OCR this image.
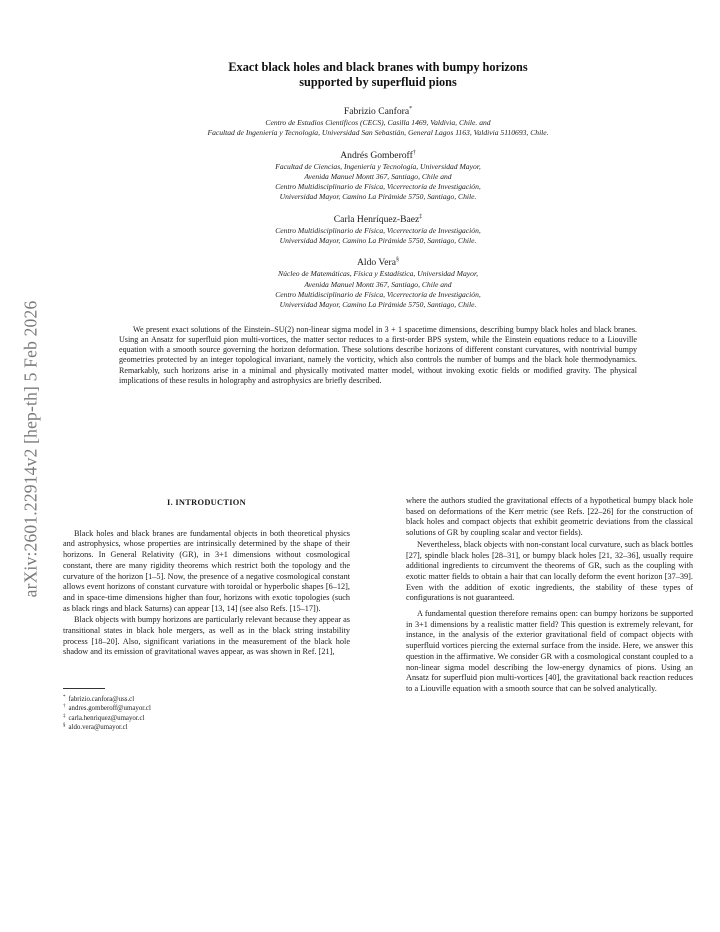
arXiv:2601.22914v2 [hep-th] 5 Feb 2026
Exact black holes and black branes with bumpy horizons
supported by superfluid pions
Fabrizio Canfora*
Centro de Estudios Científicos (CECS), Casilla 1469, Valdivia, Chile. and
Facultad de Ingeniería y Tecnología, Universidad San Sebastián, General Lagos 1163, Valdivia 5110693, Chile.
Andrés Gomberoff†
Facultad de Ciencias, Ingeniería y Tecnología, Universidad Mayor,
Avenida Manuel Montt 367, Santiago, Chile and
Centro Multidisciplinario de Física, Vicerrectoría de Investigación,
Universidad Mayor, Camino La Pirámide 5750, Santiago, Chile.
Carla Henríquez-Baez‡
Centro Multidisciplinario de Física, Vicerrectoría de Investigación,
Universidad Mayor, Camino La Pirámide 5750, Santiago, Chile.
Aldo Vera§
Núcleo de Matemáticas, Física y Estadística, Universidad Mayor,
Avenida Manuel Montt 367, Santiago, Chile and
Centro Multidisciplinario de Física, Vicerrectoría de Investigación,
Universidad Mayor, Camino La Pirámide 5750, Santiago, Chile.
We present exact solutions of the Einstein–SU(2) non-linear sigma model in 3 + 1 spacetime dimensions, describing bumpy black holes and black branes. Using an Ansatz for superfluid pion multi-vortices, the matter sector reduces to a first-order BPS system, while the Einstein equations reduce to a Liouville equation with a smooth source governing the horizon deformation. These solutions describe horizons of different constant curvatures, with nontrivial bumpy geometries protected by an integer topological invariant, namely the vorticity, which also controls the number of bumps and the black hole thermodynamics. Remarkably, such horizons arise in a minimal and physically motivated matter model, without invoking exotic fields or modified gravity. The physical implications of these results in holography and astrophysics are briefly described.
I. INTRODUCTION

Black holes and black branes are fundamental objects in both theoretical physics and astrophysics, whose properties are intrinsically determined by the shape of their horizons. In General Relativity (GR), in 3+1 dimensions without cosmological constant, there are many rigidity theorems which restrict both the topology and the curvature of the horizon [1–5]. Now, the presence of a negative cosmological constant allows event horizons of constant curvature with toroidal or hyperbolic shapes [6–12], and in space-time dimensions higher than four, horizons with exotic topologies (such as black rings and black Saturns) can appear [13, 14] (see also Refs. [15–17]).

Black objects with bumpy horizons are particularly relevant because they appear as transitional states in black hole mergers, as well as in the black string instability process [18–20]. Also, significant variations in the measurement of the black hole shadow and its emission of gravitational waves appear, as was shown in Ref. [21],

* fabrizio.canfora@uss.cl
† andres.gomberoff@umayor.cl
‡ carla.henriquez@umayor.cl
§ aldo.vera@umayor.cl

where the authors studied the gravitational effects of a hypothetical bumpy black hole based on deformations of the Kerr metric (see Refs. [22–26] for the construction of black holes and compact objects that exhibit geometric deviations from the classical solutions of GR by coupling scalar and vector fields).

Nevertheless, black objects with non-constant local curvature, such as black bottles [27], spindle black holes [28–31], or bumpy black holes [21, 32–36], usually require additional ingredients to circumvent the theorems of GR, such as the coupling with exotic matter fields to obtain a hair that can locally deform the event horizon [37–39]. Even with the addition of exotic ingredients, the stability of these types of configurations is not guaranteed.

A fundamental question therefore remains open: can bumpy horizons be supported in 3+1 dimensions by a realistic matter field? This question is extremely relevant, for instance, in the analysis of the exterior gravitational field of compact objects with superfluid vortices piercing the external surface from the inside. Here, we answer this question in the affirmative. We consider GR with a cosmological constant coupled to a non-linear sigma model describing the low-energy dynamics of pions. Using an Ansatz for superfluid pion multi-vortices [40], the gravitational back reaction reduces to a Liouville equation with a smooth source that can be solved analytically.
